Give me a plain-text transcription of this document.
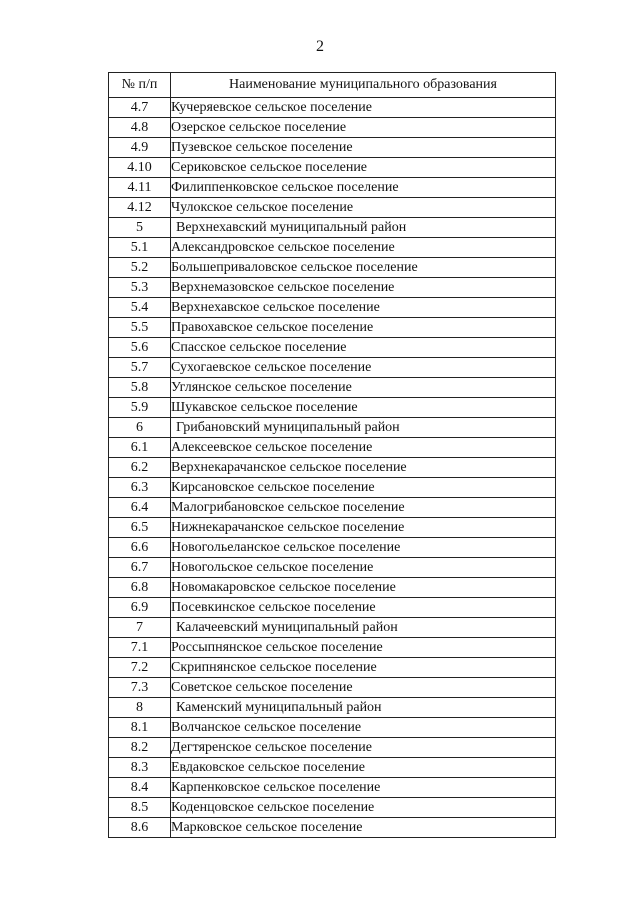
2
№ п/п	Наименование муниципального образования
4.7	Кучеряевское сельское поселение
4.8	Озерское сельское поселение
4.9	Пузевское сельское поселение
4.10	Сериковское сельское поселение
4.11	Филиппенковское сельское поселение
4.12	Чулокское сельское поселение
5	Верхнехавский муниципальный район
5.1	Александровское сельское поселение
5.2	Большеприваловское сельское поселение
5.3	Верхнемазовское сельское поселение
5.4	Верхнехавское сельское поселение
5.5	Правохавское сельское поселение
5.6	Спасское сельское поселение
5.7	Сухогаевское сельское поселение
5.8	Углянское сельское поселение
5.9	Шукавское сельское поселение
6	Грибановский муниципальный район
6.1	Алексеевское сельское поселение
6.2	Верхнекарачанское сельское поселение
6.3	Кирсановское сельское поселение
6.4	Малогрибановское сельское поселение
6.5	Нижнекарачанское сельское поселение
6.6	Новогольеланское сельское поселение
6.7	Новогольское сельское поселение
6.8	Новомакаровское сельское поселение
6.9	Посевкинское сельское поселение
7	Калачеевский муниципальный район
7.1	Россыпнянское сельское поселение
7.2	Скрипнянское сельское поселение
7.3	Советское сельское поселение
8	Каменский муниципальный район
8.1	Волчанское сельское поселение
8.2	Дегтяренское сельское поселение
8.3	Евдаковское сельское поселение
8.4	Карпенковское сельское поселение
8.5	Коденцовское сельское поселение
8.6	Марковское сельское поселение
